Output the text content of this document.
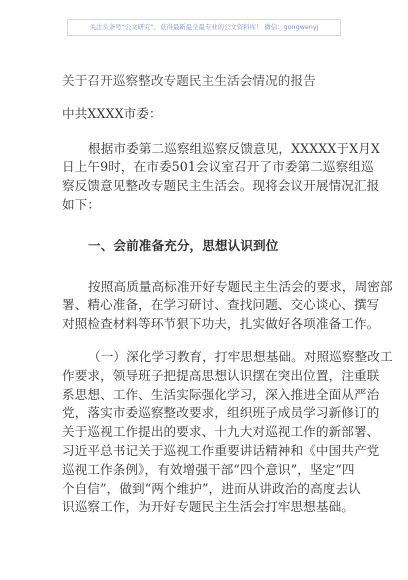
关注头条号“公文研究”，获得最新最全最专业的公文资料库！ 微信：gongwenyj
关于召开巡察整改专题民主生活会情况的报告
中共XXXX市委：
根据市委第二巡察组巡察反馈意见，XXXXX于X月X
日上午9时，在市委501会议室召开了市委第二巡察组巡
察反馈意见整改专题民主生活会。现将会议开展情况汇报
如下：
一、会前准备充分，思想认识到位
按照高质量高标准开好专题民主生活会的要求，周密部
署、精心准备，在学习研讨、查找问题、交心谈心、撰写
对照检查材料等环节狠下功夫，扎实做好各项准备工作。
（一）深化学习教育，打牢思想基础。对照巡察整改工
作要求，领导班子把提高思想认识摆在突出位置，注重联
系思想、工作、生活实际强化学习，深入推进全面从严治
党，落实市委巡察整改要求，组织班子成员学习新修订的
关于巡视工作提出的要求、十九大对巡视工作的新部署、
习近平总书记关于巡视工作重要讲话精神和《中国共产党
巡视工作条例》，有效增强干部“四个意识”，坚定“四
个自信”，做到“两个维护”，进而从讲政治的高度去认
识巡察工作，为开好专题民主生活会打牢思想基础。
